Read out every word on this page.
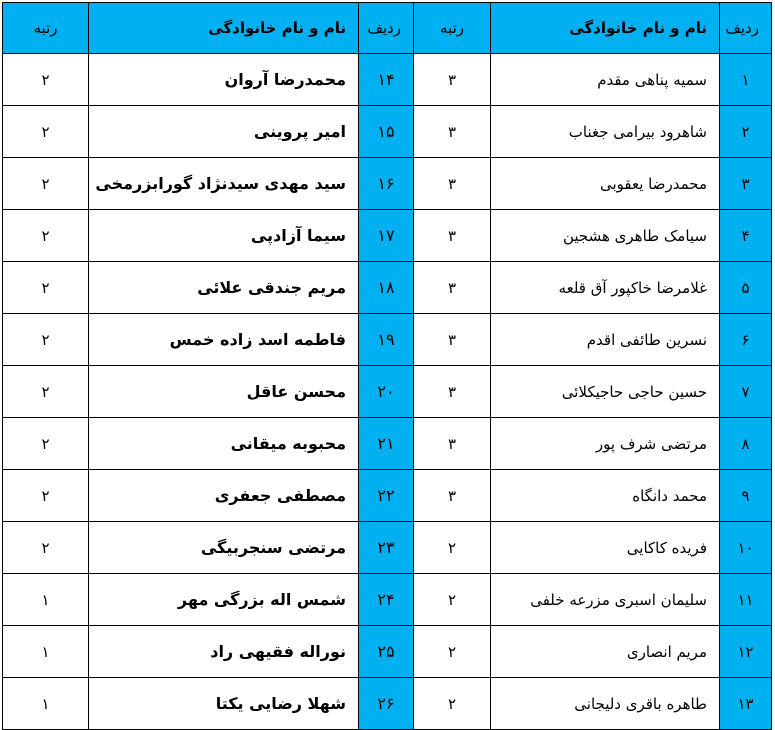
ردیف	نام و نام خانوادگی	رتبه	ردیف	نام و نام خانوادگی	رتبه
۱	سمیه پناهی مقدم	۳	۱۴	محمدرضا آروان	۲
۲	شاهرود بیرامی جغناب	۳	۱۵	امیر پروینی	۲
۳	محمدرضا یعقوبی	۳	۱۶	سید مهدی سیدنژاد گورابزرمخی	۲
۴	سیامک طاهری هشجین	۳	۱۷	سیما آزادپی	۲
۵	غلامرضا خاکپور آق قلعه	۳	۱۸	مریم جندقی علائی	۲
۶	نسرین طائفی اقدم	۳	۱۹	فاطمه اسد زاده خمس	۲
۷	حسین حاجی حاجیکلائی	۳	۲۰	محسن عاقل	۲
۸	مرتضی شرف پور	۳	۲۱	محبوبه میقانی	۲
۹	محمد دانگاه	۳	۲۲	مصطفی جعفری	۲
۱۰	فریده کاکایی	۲	۲۳	مرتضی سنجربیگی	۲
۱۱	سلیمان اسبری مزرعه خلفی	۲	۲۴	شمس اله بزرگی مهر	۱
۱۲	مریم انصاری	۲	۲۵	نوراله فقیهی راد	۱
۱۳	طاهره باقری دلیجانی	۲	۲۶	شهلا رضایی یکتا	۱
